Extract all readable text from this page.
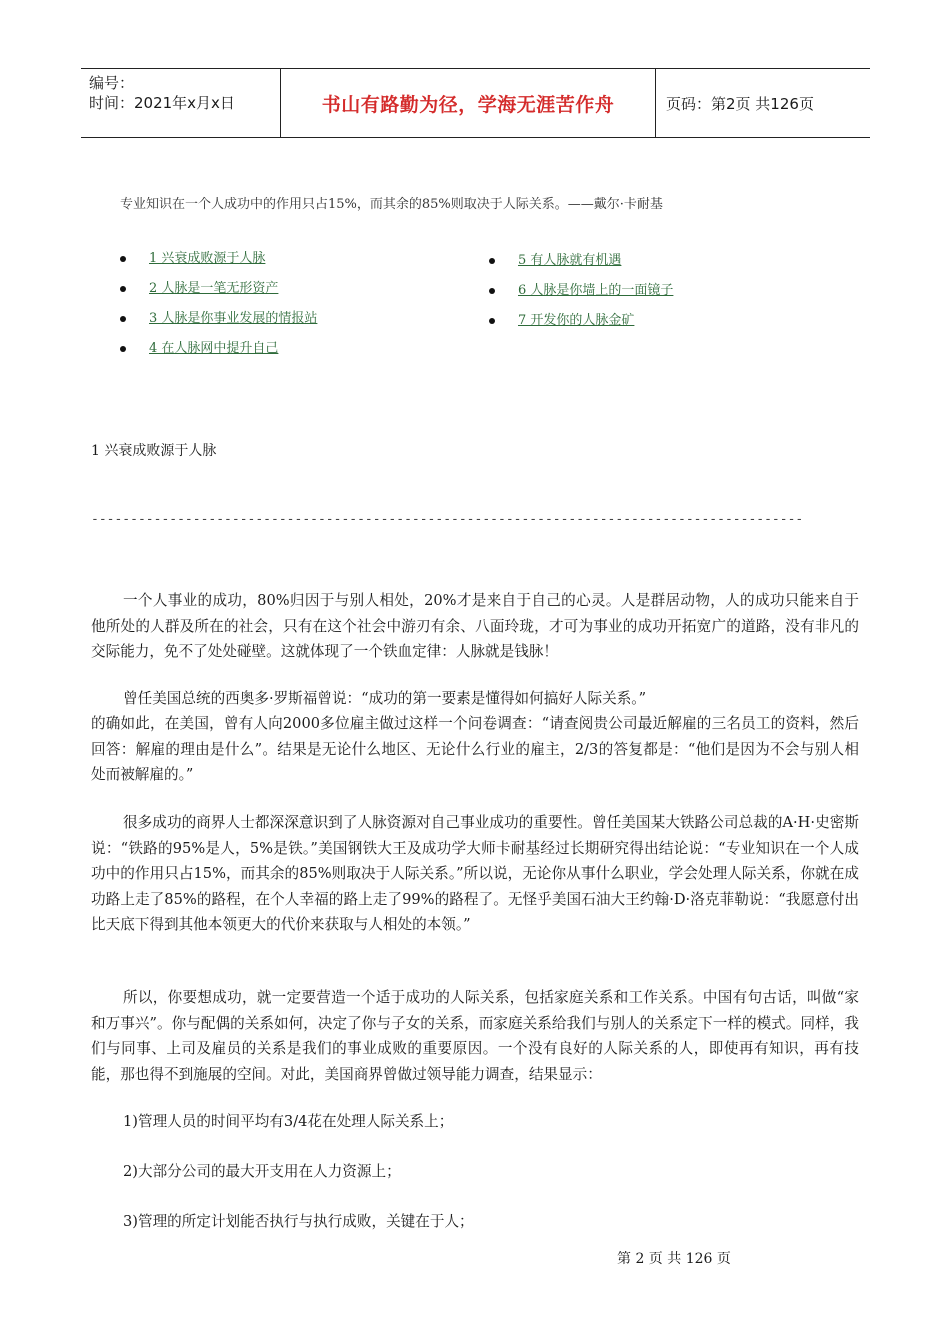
编号：
时间：2021年x月x日	书山有路勤为径，学海无涯苦作舟	页码：第2页 共126页
专业知识在一个人成功中的作用只占15%，而其余的85%则取决于人际关系。——戴尔·卡耐基
1 兴衰成败源于人脉
2 人脉是一笔无形资产
3 人脉是你事业发展的情报站
4 在人脉网中提升自己
5 有人脉就有机遇
6 人脉是你墙上的一面镜子
7 开发你的人脉金矿
1 兴衰成败源于人脉
-------------------------------------------------------------------------------------------

一个人事业的成功，80%归因于与别人相处，20%才是来自于自己的心灵。人是群居动物，人的成功只能来自于他所处的人群及所在的社会，只有在这个社会中游刃有余、八面玲珑，才可为事业的成功开拓宽广的道路，没有非凡的交际能力，免不了处处碰壁。这就体现了一个铁血定律：人脉就是钱脉！

曾任美国总统的西奥多·罗斯福曾说：“成功的第一要素是懂得如何搞好人际关系。”

的确如此，在美国，曾有人向2000多位雇主做过这样一个问卷调查：“请查阅贵公司最近解雇的三名员工的资料，然后回答：解雇的理由是什么”。结果是无论什么地区、无论什么行业的雇主，2/3的答复都是：“他们是因为不会与别人相处而被解雇的。”

很多成功的商界人士都深深意识到了人脉资源对自己事业成功的重要性。曾任美国某大铁路公司总裁的A·H·史密斯说：“铁路的95%是人，5%是铁。”美国钢铁大王及成功学大师卡耐基经过长期研究得出结论说：“专业知识在一个人成功中的作用只占15%，而其余的85%则取决于人际关系。”所以说，无论你从事什么职业，学会处理人际关系，你就在成功路上走了85%的路程，在个人幸福的路上走了99%的路程了。无怪乎美国石油大王约翰·D·洛克菲勒说：“我愿意付出比天底下得到其他本领更大的代价来获取与人相处的本领。”

所以，你要想成功，就一定要营造一个适于成功的人际关系，包括家庭关系和工作关系。中国有句古话，叫做“家和万事兴”。你与配偶的关系如何，决定了你与子女的关系，而家庭关系给我们与别人的关系定下一样的模式。同样，我们与同事、上司及雇员的关系是我们的事业成败的重要原因。一个没有良好的人际关系的人，即使再有知识，再有技能，那也得不到施展的空间。对此，美国商界曾做过领导能力调查，结果显示：

1)管理人员的时间平均有3/4花在处理人际关系上；

2)大部分公司的最大开支用在人力资源上；

3)管理的所定计划能否执行与执行成败，关键在于人；

第 2 页 共 126 页
